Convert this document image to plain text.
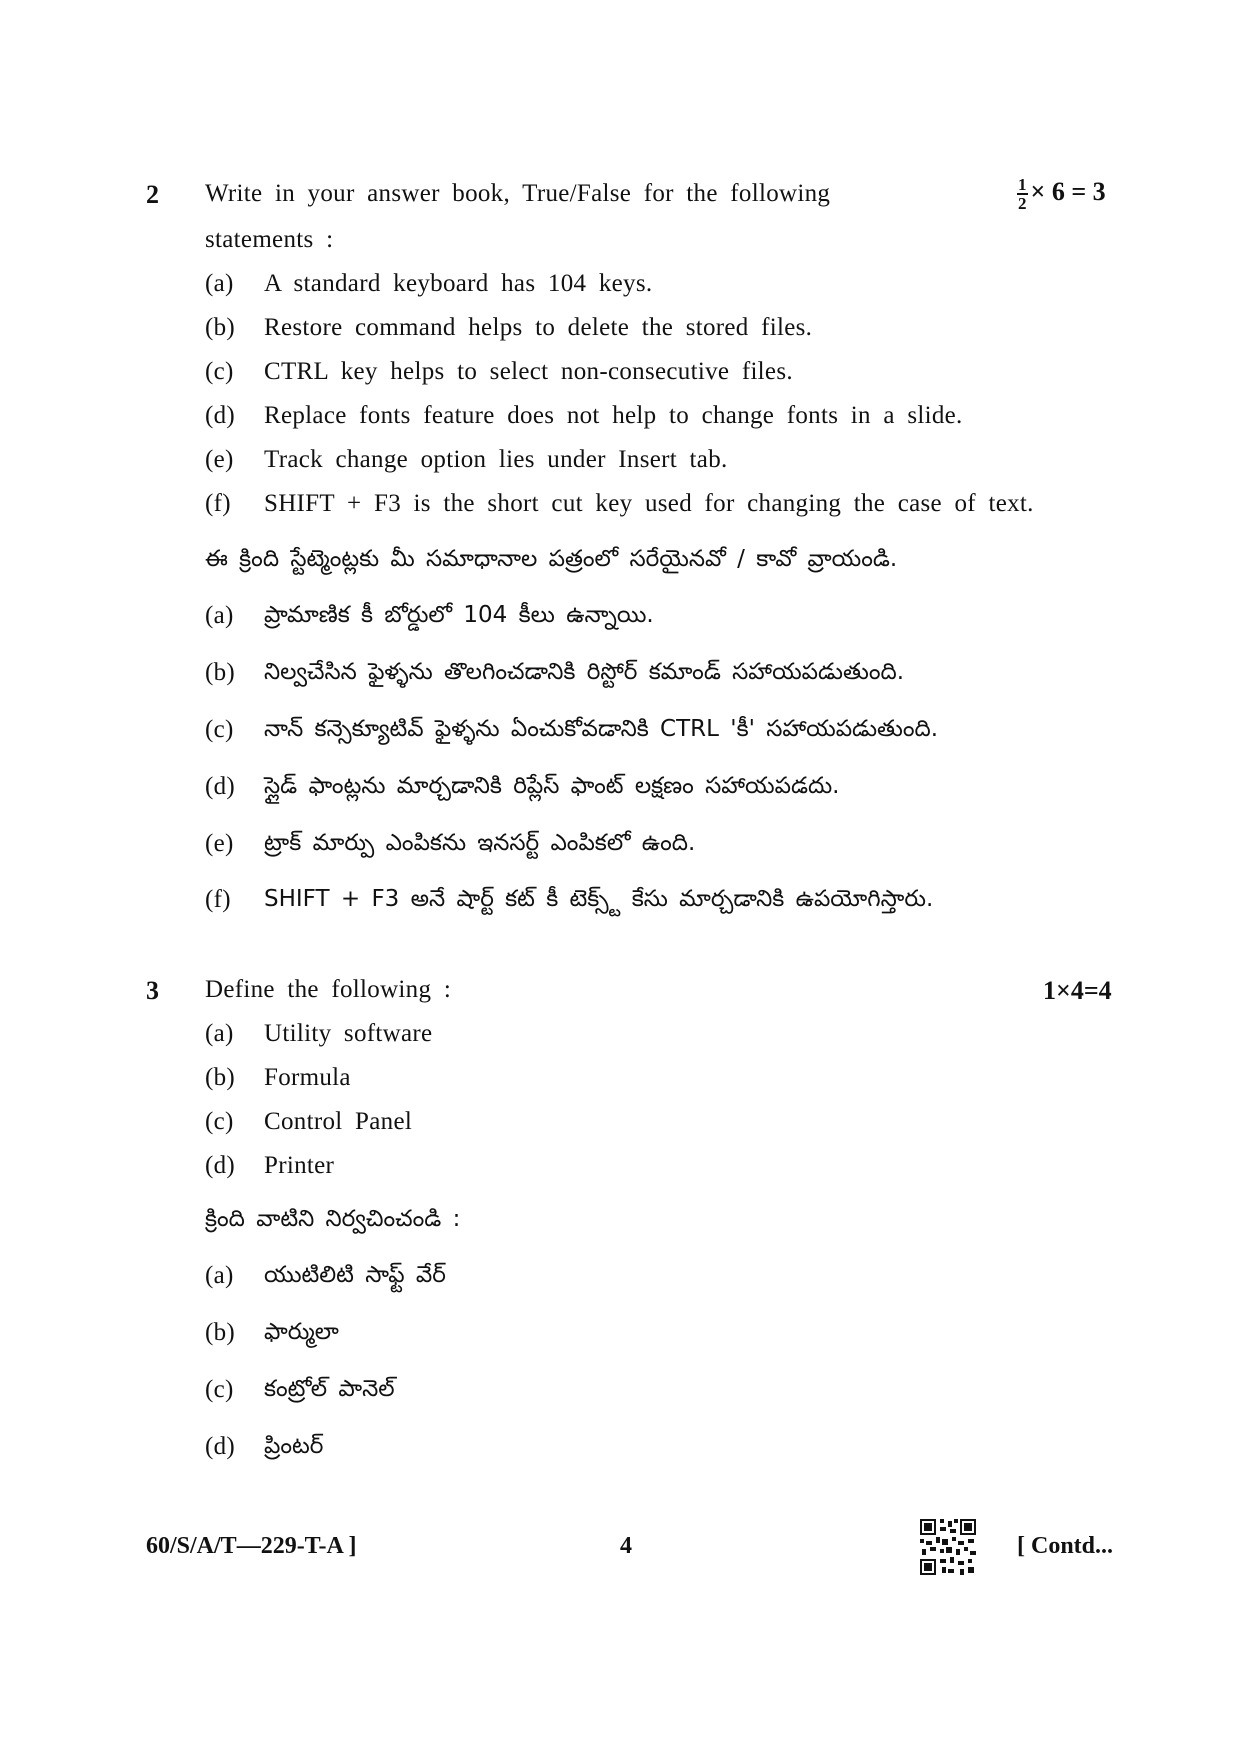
2 Write in your answer book, True/False for the following	$\frac{1}{2} \times 6 = 3$
statements :
(a) A standard keyboard has 104 keys.
(b) Restore command helps to delete the stored files.
(c) CTRL key helps to select non-consecutive files.
(d) Replace fonts feature does not help to change fonts in a slide.
(e) Track change option lies under Insert tab.
(f) SHIFT + F3 is the short cut key used for changing the case of text.
ఈ క్రింది స్టేట్మెంట్లకు మీ సమాధానాల పత్రంలో సరేయైనవో / కావో వ్రాయండి.
(a) ప్రామాణిక కీ బోర్డులో 104 కీలు ఉన్నాయి.
(b) నిల్వచేసిన ఫైళ్ళను తొలగించడానికి రిస్టోర్ కమాండ్ సహాయపడుతుంది.
(c) నాన్ కన్సెక్యూటివ్ ఫైళ్ళను ఏంచుకోవడానికి CTRL 'కీ' సహాయపడుతుంది.
(d) స్లైడ్ ఫాంట్లను మార్చడానికి రిప్లేస్ ఫాంట్ లక్షణం సహాయపడదు.
(e) ట్రాక్ మార్పు ఎంపికను ఇనసర్ట్ ఎంపికలో ఉంది.
(f) SHIFT + F3 అనే షార్ట్ కట్ కీ టెక్స్ట్ కేసు మార్చడానికి ఉపయోగిస్తారు.
3 Define the following :	1×4=4
(a) Utility software
(b) Formula
(c) Control Panel
(d) Printer
క్రింది వాటిని నిర్వచించండి :
(a) యుటిలిటి సాఫ్ట్ వేర్
(b) ఫార్ములా
(c) కంట్రోల్ పానెల్
(d) ప్రింటర్
60/S/A/T—229-T-A ]	4	[ Contd...
